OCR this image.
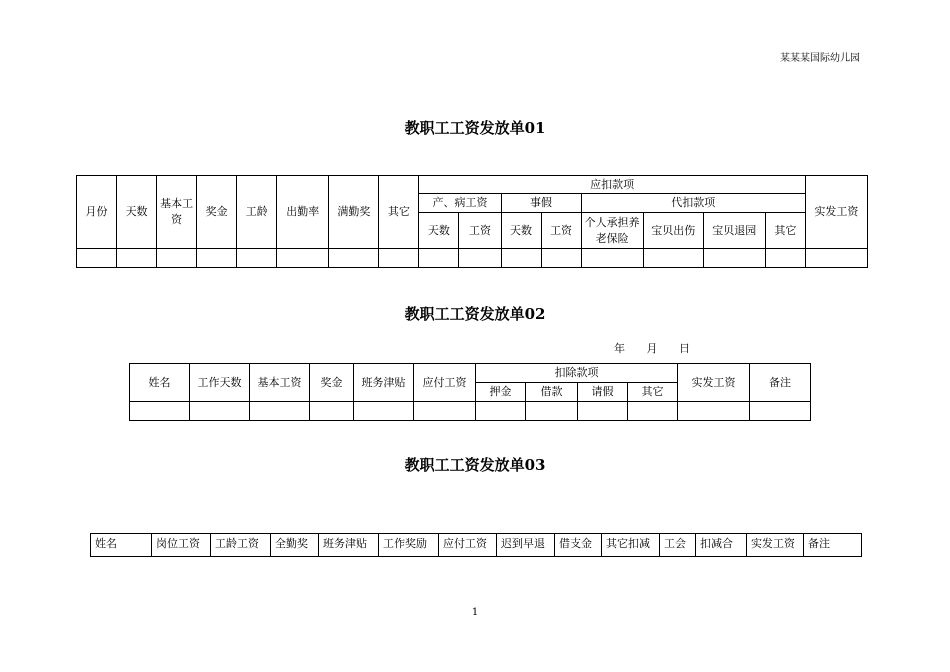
某某某国际幼儿园
教职工工资发放单01
月份	天数	基本工资	奖金	工龄	出勤率	满勤奖	其它	应扣款项								实发工资
								产、病工资		事假		代扣款项				
								天数	工资	天数	工资	个人承担养老保险	宝贝出伤	宝贝退园	其它	

教职工工资发放单02
年 月 日
姓名	工作天数	基本工资	奖金	班务津贴	应付工资	扣除款项				实发工资	备注
						押金	借款	请假	其它		

教职工工资发放单03
姓名	岗位工资	工龄工资	全勤奖	班务津贴	工作奖励	应付工资	迟到早退	借支金	其它扣减	工会	扣减合	实发工资	备注
1
